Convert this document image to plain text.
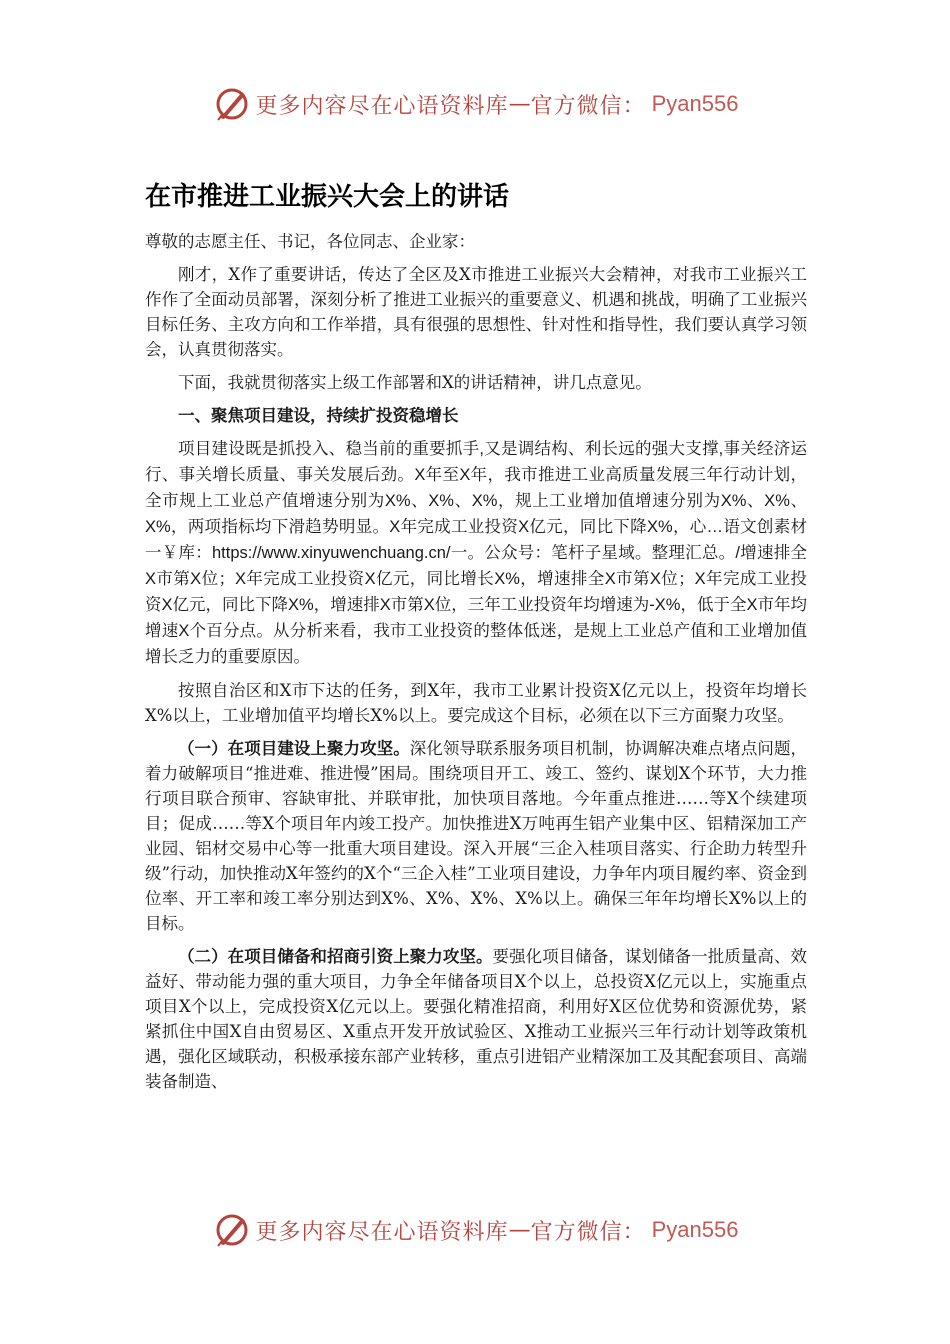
更多内容尽在心语资料库 — 官方微信： Pyan556
在市推进工业振兴大会上的讲话

尊敬的志愿主任、书记，各位同志、企业家：

刚才，X作了重要讲话，传达了全区及X市推进工业振兴大会精神，对我市工业振兴工作作了全面动员部署，深刻分析了推进工业振兴的重要意义、机遇和挑战，明确了工业振兴目标任务、主攻方向和工作举措，具有很强的思想性、针对性和指导性，我们要认真学习领会，认真贯彻落实。

下面，我就贯彻落实上级工作部署和X的讲话精神，讲几点意见。

一、聚焦项目建设，持续扩投资稳增长

项目建设既是抓投入、稳当前的重要抓手,又是调结构、利长远的强大支撑,事关经济运行、事关增长质量、事关发展后劲。X年至X年，我市推进工业高质量发展三年行动计划，全市规上工业总产值增速分别为X%、X%、X%，规上工业增加值增速分别为X%、X%、X%，两项指标均下滑趋势明显。X年完成工业投资X亿元，同比下降X%，心…语文创素材一￥库：https://www.xinyuwenchuang.cn/一。公众号：笔杆子星域。整理汇总。/增速排全X市第X位；X年完成工业投资X亿元，同比增长X%，增速排全X市第X位；X年完成工业投资X亿元，同比下降X%，增速排X市第X位，三年工业投资年均增速为-X%，低于全X市年均增速X个百分点。从分析来看，我市工业投资的整体低迷，是规上工业总产值和工业增加值增长乏力的重要原因。

按照自治区和X市下达的任务，到X年，我市工业累计投资X亿元以上，投资年均增长X%以上，工业增加值平均增长X%以上。要完成这个目标，必须在以下三方面聚力攻坚。

（一）在项目建设上聚力攻坚。深化领导联系服务项目机制，协调解决难点堵点问题，着力破解项目“推进难、推进慢”困局。围绕项目开工、竣工、签约、谋划X个环节，大力推行项目联合预审、容缺审批、并联审批，加快项目落地。今年重点推进……等X个续建项目；促成……等X个项目年内竣工投产。加快推进X万吨再生铝产业集中区、铝精深加工产业园、铝材交易中心等一批重大项目建设。深入开展“三企入桂项目落实、行企助力转型升级”行动，加快推动X年签约的X个“三企入桂”工业项目建设，力争年内项目履约率、资金到位率、开工率和竣工率分别达到X%、X%、X%、X%以上。确保三年年均增长X%以上的目标。

（二）在项目储备和招商引资上聚力攻坚。要强化项目储备，谋划储备一批质量高、效益好、带动能力强的重大项目，力争全年储备项目X个以上，总投资X亿元以上，实施重点项目X个以上，完成投资X亿元以上。要强化精准招商，利用好X区位优势和资源优势，紧紧抓住中国X自由贸易区、X重点开发开放试验区、X推动工业振兴三年行动计划等政策机遇，强化区域联动，积极承接东部产业转移，重点引进铝产业精深加工及其配套项目、高端装备制造、

更多内容尽在心语资料库 — 官方微信： Pyan556
